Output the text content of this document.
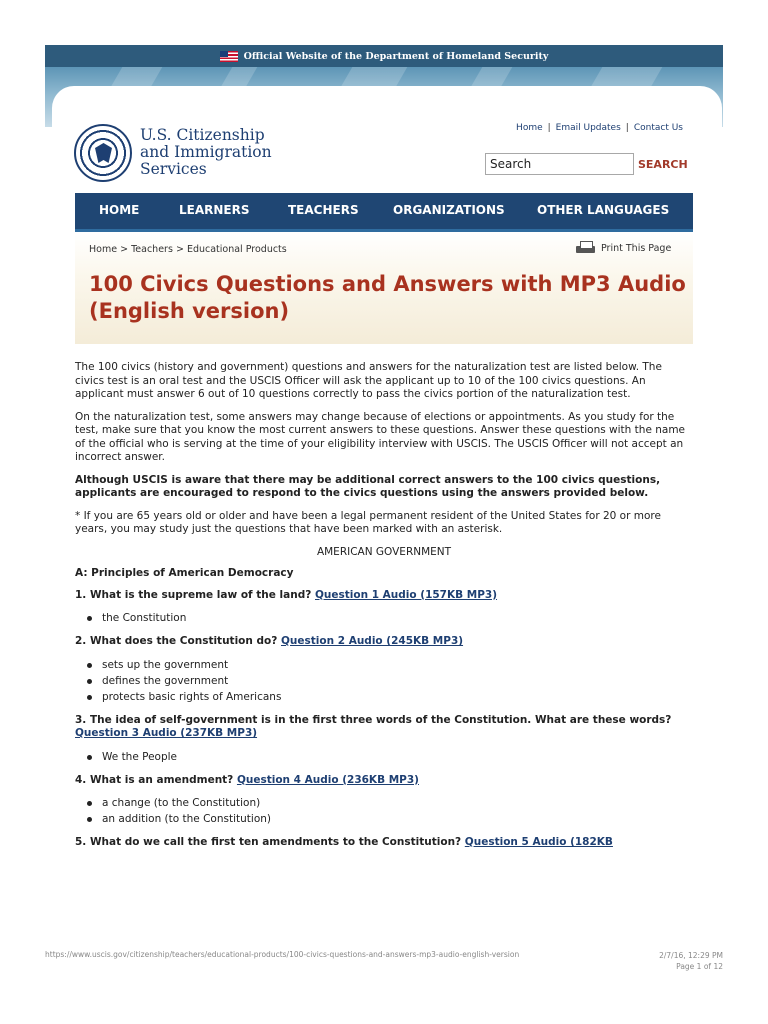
Official Website of the Department of Homeland Security
U.S. Citizenship
and Immigration
Services
Home | Email Updates | Contact Us
Search
SEARCH
HOME	LEARNERS	TEACHERS	ORGANIZATIONS	OTHER LANGUAGES
Home > Teachers > Educational Products	Print This Page
100 Civics Questions and Answers with MP3 Audio (English version)

The 100 civics (history and government) questions and answers for the naturalization test are listed below. The civics test is an oral test and the USCIS Officer will ask the applicant up to 10 of the 100 civics questions. An applicant must answer 6 out of 10 questions correctly to pass the civics portion of the naturalization test.

On the naturalization test, some answers may change because of elections or appointments. As you study for the test, make sure that you know the most current answers to these questions. Answer these questions with the name of the official who is serving at the time of your eligibility interview with USCIS. The USCIS Officer will not accept an incorrect answer.

Although USCIS is aware that there may be additional correct answers to the 100 civics questions, applicants are encouraged to respond to the civics questions using the answers provided below.

* If you are 65 years old or older and have been a legal permanent resident of the United States for 20 or more years, you may study just the questions that have been marked with an asterisk.

AMERICAN GOVERNMENT
A: Principles of American Democracy
1. What is the supreme law of the land? Question 1 Audio (157KB MP3)
the Constitution
2. What does the Constitution do? Question 2 Audio (245KB MP3)
sets up the government
defines the government
protects basic rights of Americans
3. The idea of self-government is in the first three words of the Constitution. What are these words? Question 3 Audio (237KB MP3)
We the People
4. What is an amendment? Question 4 Audio (236KB MP3)
a change (to the Constitution)
an addition (to the Constitution)
5. What do we call the first ten amendments to the Constitution? Question 5 Audio (182KB
https://www.uscis.gov/citizenship/teachers/educational-products/100-civics-questions-and-answers-mp3-audio-english-version	2/7/16, 12:29 PM
Page 1 of 12
